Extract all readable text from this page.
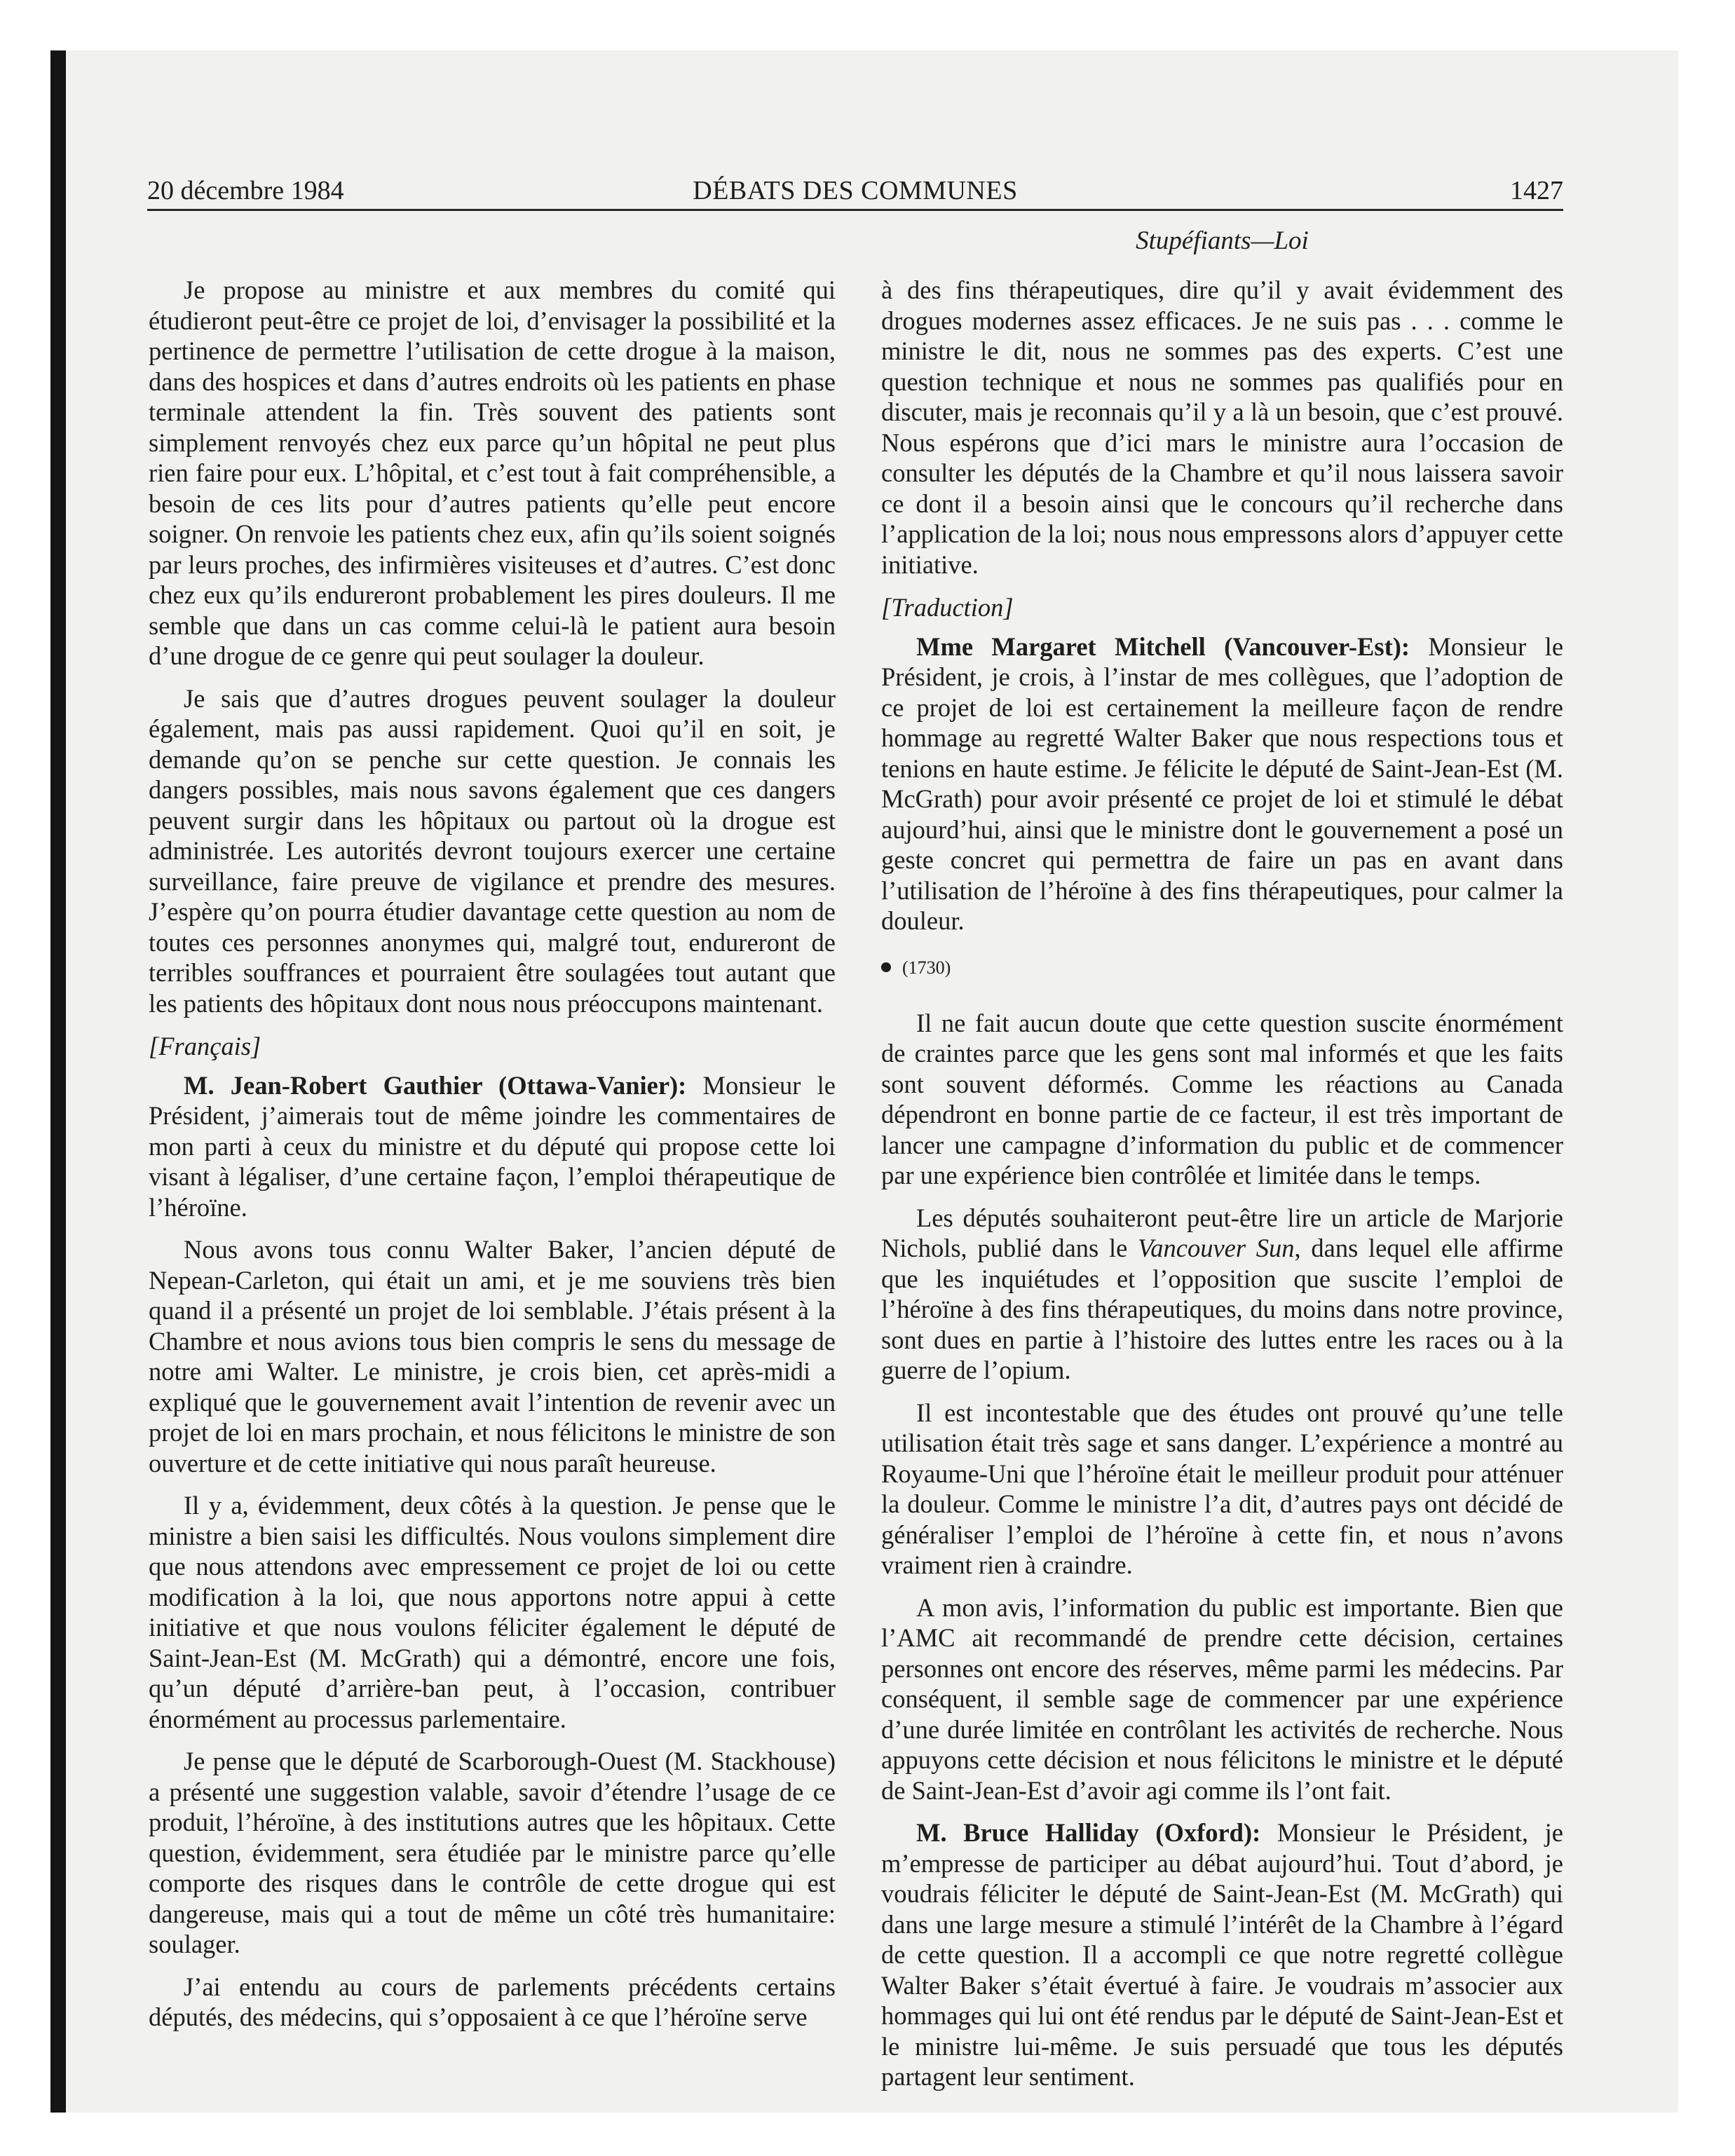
20 décembre 1984	DÉBATS DES COMMUNES	1427
Stupéfiants—Loi

Je propose au ministre et aux membres du comité qui étudieront peut-être ce projet de loi, d’envisager la possibilité et la pertinence de permettre l’utilisation de cette drogue à la maison, dans des hospices et dans d’autres endroits où les patients en phase terminale attendent la fin. Très souvent des patients sont simplement renvoyés chez eux parce qu’un hôpital ne peut plus rien faire pour eux. L’hôpital, et c’est tout à fait compréhensible, a besoin de ces lits pour d’autres patients qu’elle peut encore soigner. On renvoie les patients chez eux, afin qu’ils soient soignés par leurs proches, des infirmières visiteuses et d’autres. C’est donc chez eux qu’ils endureront probablement les pires douleurs. Il me semble que dans un cas comme celui-là le patient aura besoin d’une drogue de ce genre qui peut soulager la douleur.

Je sais que d’autres drogues peuvent soulager la douleur également, mais pas aussi rapidement. Quoi qu’il en soit, je demande qu’on se penche sur cette question. Je connais les dangers possibles, mais nous savons également que ces dangers peuvent surgir dans les hôpitaux ou partout où la drogue est administrée. Les autorités devront toujours exercer une certaine surveillance, faire preuve de vigilance et prendre des mesures. J’espère qu’on pourra étudier davantage cette question au nom de toutes ces personnes anonymes qui, malgré tout, endureront de terribles souffrances et pourraient être soulagées tout autant que les patients des hôpitaux dont nous nous préoccupons maintenant.

[Français]

M. Jean-Robert Gauthier (Ottawa-Vanier): Monsieur le Président, j’aimerais tout de même joindre les commentaires de mon parti à ceux du ministre et du député qui propose cette loi visant à légaliser, d’une certaine façon, l’emploi thérapeutique de l’héroïne.

Nous avons tous connu Walter Baker, l’ancien député de Nepean-Carleton, qui était un ami, et je me souviens très bien quand il a présenté un projet de loi semblable. J’étais présent à la Chambre et nous avions tous bien compris le sens du message de notre ami Walter. Le ministre, je crois bien, cet après-midi a expliqué que le gouvernement avait l’intention de revenir avec un projet de loi en mars prochain, et nous félicitons le ministre de son ouverture et de cette initiative qui nous paraît heureuse.

Il y a, évidemment, deux côtés à la question. Je pense que le ministre a bien saisi les difficultés. Nous voulons simplement dire que nous attendons avec empressement ce projet de loi ou cette modification à la loi, que nous apportons notre appui à cette initiative et que nous voulons féliciter également le député de Saint-Jean-Est (M. McGrath) qui a démontré, encore une fois, qu’un député d’arrière-ban peut, à l’occasion, contribuer énormément au processus parlementaire.

Je pense que le député de Scarborough-Ouest (M. Stackhouse) a présenté une suggestion valable, savoir d’étendre l’usage de ce produit, l’héroïne, à des institutions autres que les hôpitaux. Cette question, évidemment, sera étudiée par le ministre parce qu’elle comporte des risques dans le contrôle de cette drogue qui est dangereuse, mais qui a tout de même un côté très humanitaire: soulager.

J’ai entendu au cours de parlements précédents certains députés, des médecins, qui s’opposaient à ce que l’héroïne serve

à des fins thérapeutiques, dire qu’il y avait évidemment des drogues modernes assez efficaces. Je ne suis pas . . . comme le ministre le dit, nous ne sommes pas des experts. C’est une question technique et nous ne sommes pas qualifiés pour en discuter, mais je reconnais qu’il y a là un besoin, que c’est prouvé. Nous espérons que d’ici mars le ministre aura l’occasion de consulter les députés de la Chambre et qu’il nous laissera savoir ce dont il a besoin ainsi que le concours qu’il recherche dans l’application de la loi; nous nous empressons alors d’appuyer cette initiative.

[Traduction]

Mme Margaret Mitchell (Vancouver-Est): Monsieur le Président, je crois, à l’instar de mes collègues, que l’adoption de ce projet de loi est certainement la meilleure façon de rendre hommage au regretté Walter Baker que nous respections tous et tenions en haute estime. Je félicite le député de Saint-Jean-Est (M. McGrath) pour avoir présenté ce projet de loi et stimulé le débat aujourd’hui, ainsi que le ministre dont le gouvernement a posé un geste concret qui permettra de faire un pas en avant dans l’utilisation de l’héroïne à des fins thérapeutiques, pour calmer la douleur.

(1730)

Il ne fait aucun doute que cette question suscite énormément de craintes parce que les gens sont mal informés et que les faits sont souvent déformés. Comme les réactions au Canada dépendront en bonne partie de ce facteur, il est très important de lancer une campagne d’information du public et de commencer par une expérience bien contrôlée et limitée dans le temps.

Les députés souhaiteront peut-être lire un article de Marjorie Nichols, publié dans le Vancouver Sun, dans lequel elle affirme que les inquiétudes et l’opposition que suscite l’emploi de l’héroïne à des fins thérapeutiques, du moins dans notre province, sont dues en partie à l’histoire des luttes entre les races ou à la guerre de l’opium.

Il est incontestable que des études ont prouvé qu’une telle utilisation était très sage et sans danger. L’expérience a montré au Royaume-Uni que l’héroïne était le meilleur produit pour atténuer la douleur. Comme le ministre l’a dit, d’autres pays ont décidé de généraliser l’emploi de l’héroïne à cette fin, et nous n’avons vraiment rien à craindre.

A mon avis, l’information du public est importante. Bien que l’AMC ait recommandé de prendre cette décision, certaines personnes ont encore des réserves, même parmi les médecins. Par conséquent, il semble sage de commencer par une expérience d’une durée limitée en contrôlant les activités de recherche. Nous appuyons cette décision et nous félicitons le ministre et le député de Saint-Jean-Est d’avoir agi comme ils l’ont fait.

M. Bruce Halliday (Oxford): Monsieur le Président, je m’empresse de participer au débat aujourd’hui. Tout d’abord, je voudrais féliciter le député de Saint-Jean-Est (M. McGrath) qui dans une large mesure a stimulé l’intérêt de la Chambre à l’égard de cette question. Il a accompli ce que notre regretté collègue Walter Baker s’était évertué à faire. Je voudrais m’associer aux hommages qui lui ont été rendus par le député de Saint-Jean-Est et le ministre lui-même. Je suis persuadé que tous les députés partagent leur sentiment.
